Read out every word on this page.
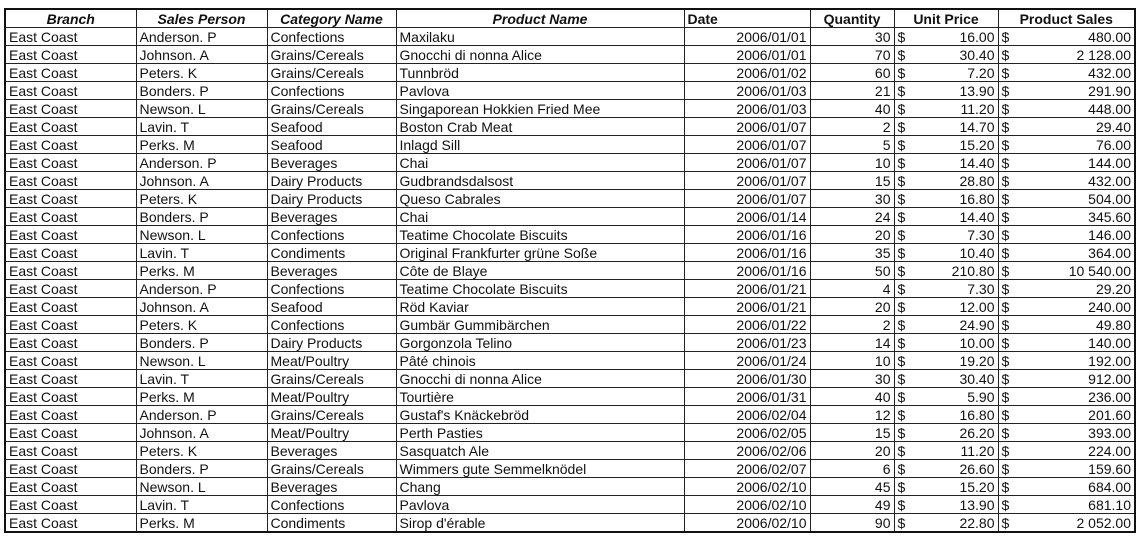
Branch	Sales Person	Category Name	Product Name	Date	Quantity	Unit Price	Product Sales
East Coast	Anderson. P	Confections	Maxilaku	2006/01/01	30	$ 16.00	$ 480.00

East Coast	Johnson. A	Grains/Cereals	Gnocchi di nonna Alice	2006/01/01	70	$ 30.40	$ 2 128.00

East Coast	Peters. K	Grains/Cereals	Tunnbröd	2006/01/02	60	$ 7.20	$ 432.00

East Coast	Bonders. P	Confections	Pavlova	2006/01/03	21	$ 13.90	$ 291.90

East Coast	Newson. L	Grains/Cereals	Singaporean Hokkien Fried Mee	2006/01/03	40	$ 11.20	$ 448.00

East Coast	Lavin. T	Seafood	Boston Crab Meat	2006/01/07	2	$ 14.70	$ 29.40

East Coast	Perks. M	Seafood	Inlagd Sill	2006/01/07	5	$ 15.20	$ 76.00

East Coast	Anderson. P	Beverages	Chai	2006/01/07	10	$ 14.40	$ 144.00

East Coast	Johnson. A	Dairy Products	Gudbrandsdalsost	2006/01/07	15	$ 28.80	$ 432.00

East Coast	Peters. K	Dairy Products	Queso Cabrales	2006/01/07	30	$ 16.80	$ 504.00

East Coast	Bonders. P	Beverages	Chai	2006/01/14	24	$ 14.40	$ 345.60

East Coast	Newson. L	Confections	Teatime Chocolate Biscuits	2006/01/16	20	$ 7.30	$ 146.00

East Coast	Lavin. T	Condiments	Original Frankfurter grüne Soße	2006/01/16	35	$ 10.40	$ 364.00

East Coast	Perks. M	Beverages	Côte de Blaye	2006/01/16	50	$ 210.80	$ 10 540.00

East Coast	Anderson. P	Confections	Teatime Chocolate Biscuits	2006/01/21	4	$ 7.30	$ 29.20

East Coast	Johnson. A	Seafood	Röd Kaviar	2006/01/21	20	$ 12.00	$ 240.00

East Coast	Peters. K	Confections	Gumbär Gummibärchen	2006/01/22	2	$ 24.90	$ 49.80

East Coast	Bonders. P	Dairy Products	Gorgonzola Telino	2006/01/23	14	$ 10.00	$ 140.00

East Coast	Newson. L	Meat/Poultry	Pâté chinois	2006/01/24	10	$ 19.20	$ 192.00

East Coast	Lavin. T	Grains/Cereals	Gnocchi di nonna Alice	2006/01/30	30	$ 30.40	$ 912.00

East Coast	Perks. M	Meat/Poultry	Tourtière	2006/01/31	40	$ 5.90	$ 236.00

East Coast	Anderson. P	Grains/Cereals	Gustaf's Knäckebröd	2006/02/04	12	$ 16.80	$ 201.60

East Coast	Johnson. A	Meat/Poultry	Perth Pasties	2006/02/05	15	$ 26.20	$ 393.00

East Coast	Peters. K	Beverages	Sasquatch Ale	2006/02/06	20	$ 11.20	$ 224.00

East Coast	Bonders. P	Grains/Cereals	Wimmers gute Semmelknödel	2006/02/07	6	$ 26.60	$ 159.60

East Coast	Newson. L	Beverages	Chang	2006/02/10	45	$ 15.20	$ 684.00

East Coast	Lavin. T	Confections	Pavlova	2006/02/10	49	$ 13.90	$ 681.10

East Coast	Perks. M	Condiments	Sirop d'érable	2006/02/10	90	$ 22.80	$ 2 052.00
